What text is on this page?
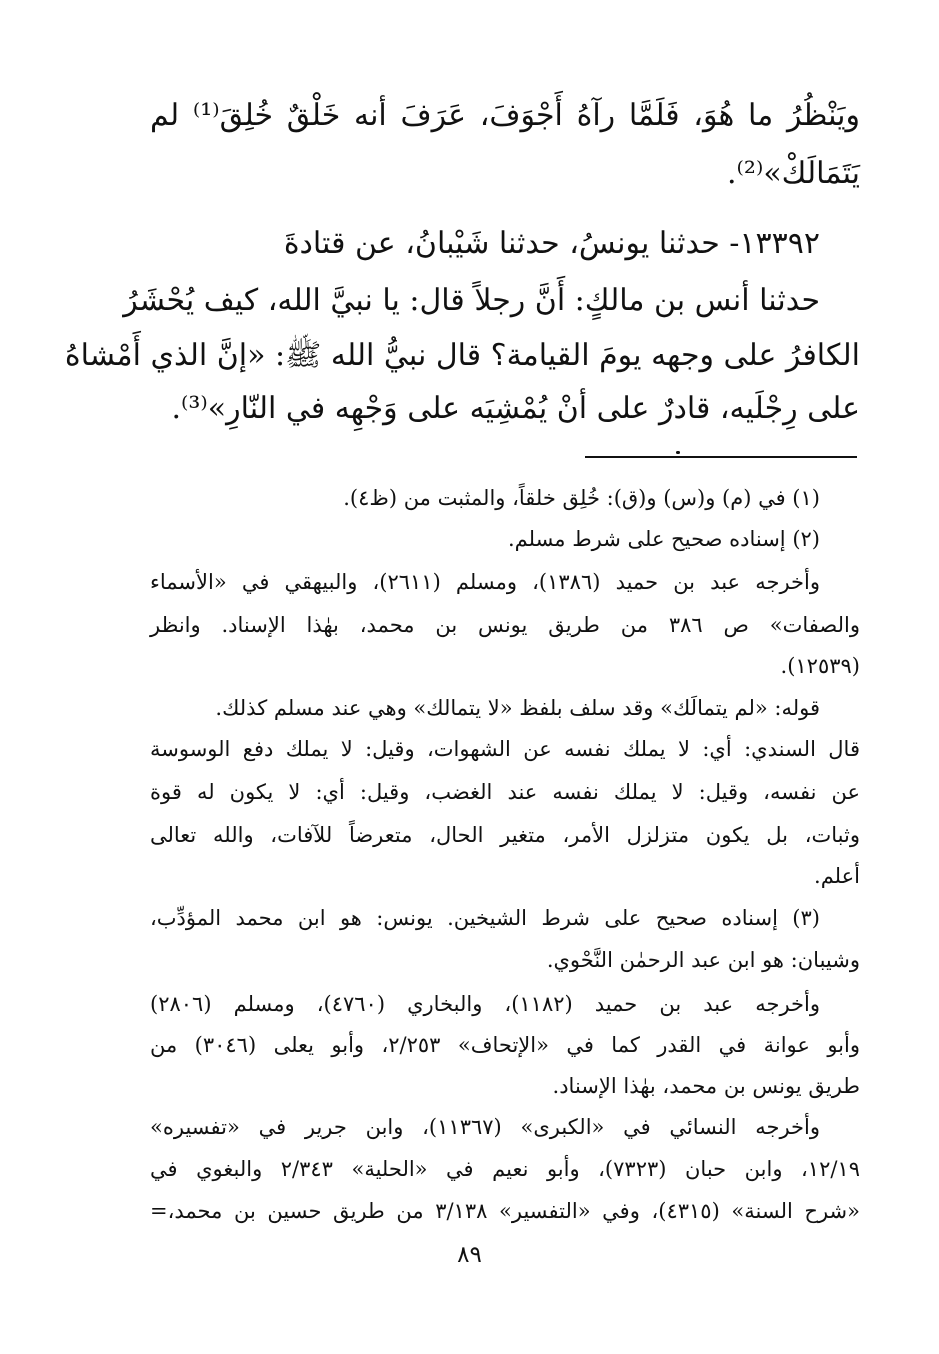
ويَنْظُرُ ما هُوَ، فَلَمَّا رآهُ أَجْوَفَ، عَرَفَ أنه خَلْقٌ خُلِقَ⁽¹⁾ لم
يَتَمَالَكْ»⁽²⁾.
١٣٣٩٢- حدثنا يونسُ، حدثنا شَيْبانُ، عن قتادةَ
حدثنا أنس بن مالكٍ: أَنَّ رجلاً قال: يا نبيَّ الله، كيف يُحْشَرُ
الكافرُ على وجهه يومَ القيامة؟ قال نبيُّ الله ﷺ: «إنَّ الذي أَمْشاهُ
على رِجْلَيه، قادرٌ على أنْ يُمْشِيَه على وَجْهِه في النّارِ»⁽³⁾.
(١) في (م) و(س) و(ق): خُلِق خلقاً، والمثبت من (ظ٤).
(٢) إسناده صحيح على شرط مسلم.
وأخرجه عبد بن حميد (١٣٨٦)، ومسلم (٢٦١١)، والبيهقي في «الأسماء
والصفات» ص ٣٨٦ من طريق يونس بن محمد، بهٰذا الإسناد. وانظر
(١٢٥٣٩).
قوله: «لم يتمالَك» وقد سلف بلفظ «لا يتمالك» وهي عند مسلم كذلك.
قال السندي: أي: لا يملك نفسه عن الشهوات، وقيل: لا يملك دفع الوسوسة
عن نفسه، وقيل: لا يملك نفسه عند الغضب، وقيل: أي: لا يكون له قوة
وثبات، بل يكون متزلزل الأمر، متغير الحال، متعرضاً للآفات، والله تعالى
أعلم.
(٣) إسناده صحيح على شرط الشيخين. يونس: هو ابن محمد المؤدِّب،
وشيبان: هو ابن عبد الرحمٰن النَّحْوي.
وأخرجه عبد بن حميد (١١٨٢)، والبخاري (٤٧٦٠)، ومسلم (٢٨٠٦)
وأبو عوانة في القدر كما في «الإتحاف» ٢/٢٥٣، وأبو يعلى (٣٠٤٦) من
طريق يونس بن محمد، بهٰذا الإسناد.
وأخرجه النسائي في «الكبرى» (١١٣٦٧)، وابن جرير في «تفسيره»
١٢/١٩، وابن حبان (٧٣٢٣)، وأبو نعيم في «الحلية» ٢/٣٤٣ والبغوي في
«شرح السنة» (٤٣١٥)، وفي «التفسير» ٣/١٣٨ من طريق حسين بن محمد،=
٨٩
